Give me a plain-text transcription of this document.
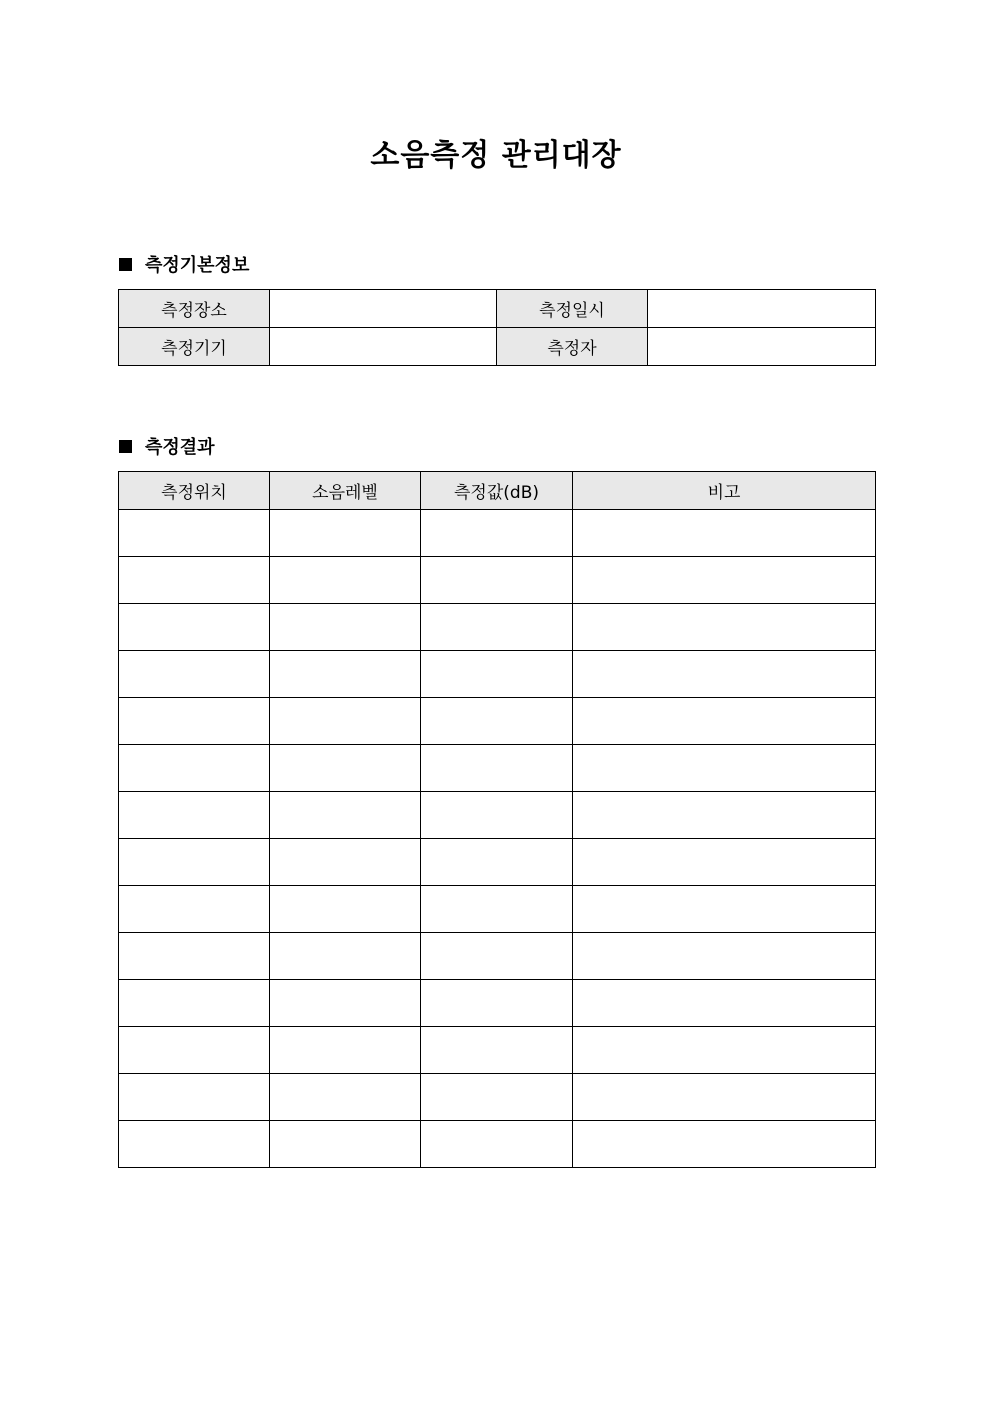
소음측정 관리대장
측정기본정보
측정장소		측정일시	
측정기기		측정자	
측정결과
측정위치	소음레벨	측정값(dB)	비고
